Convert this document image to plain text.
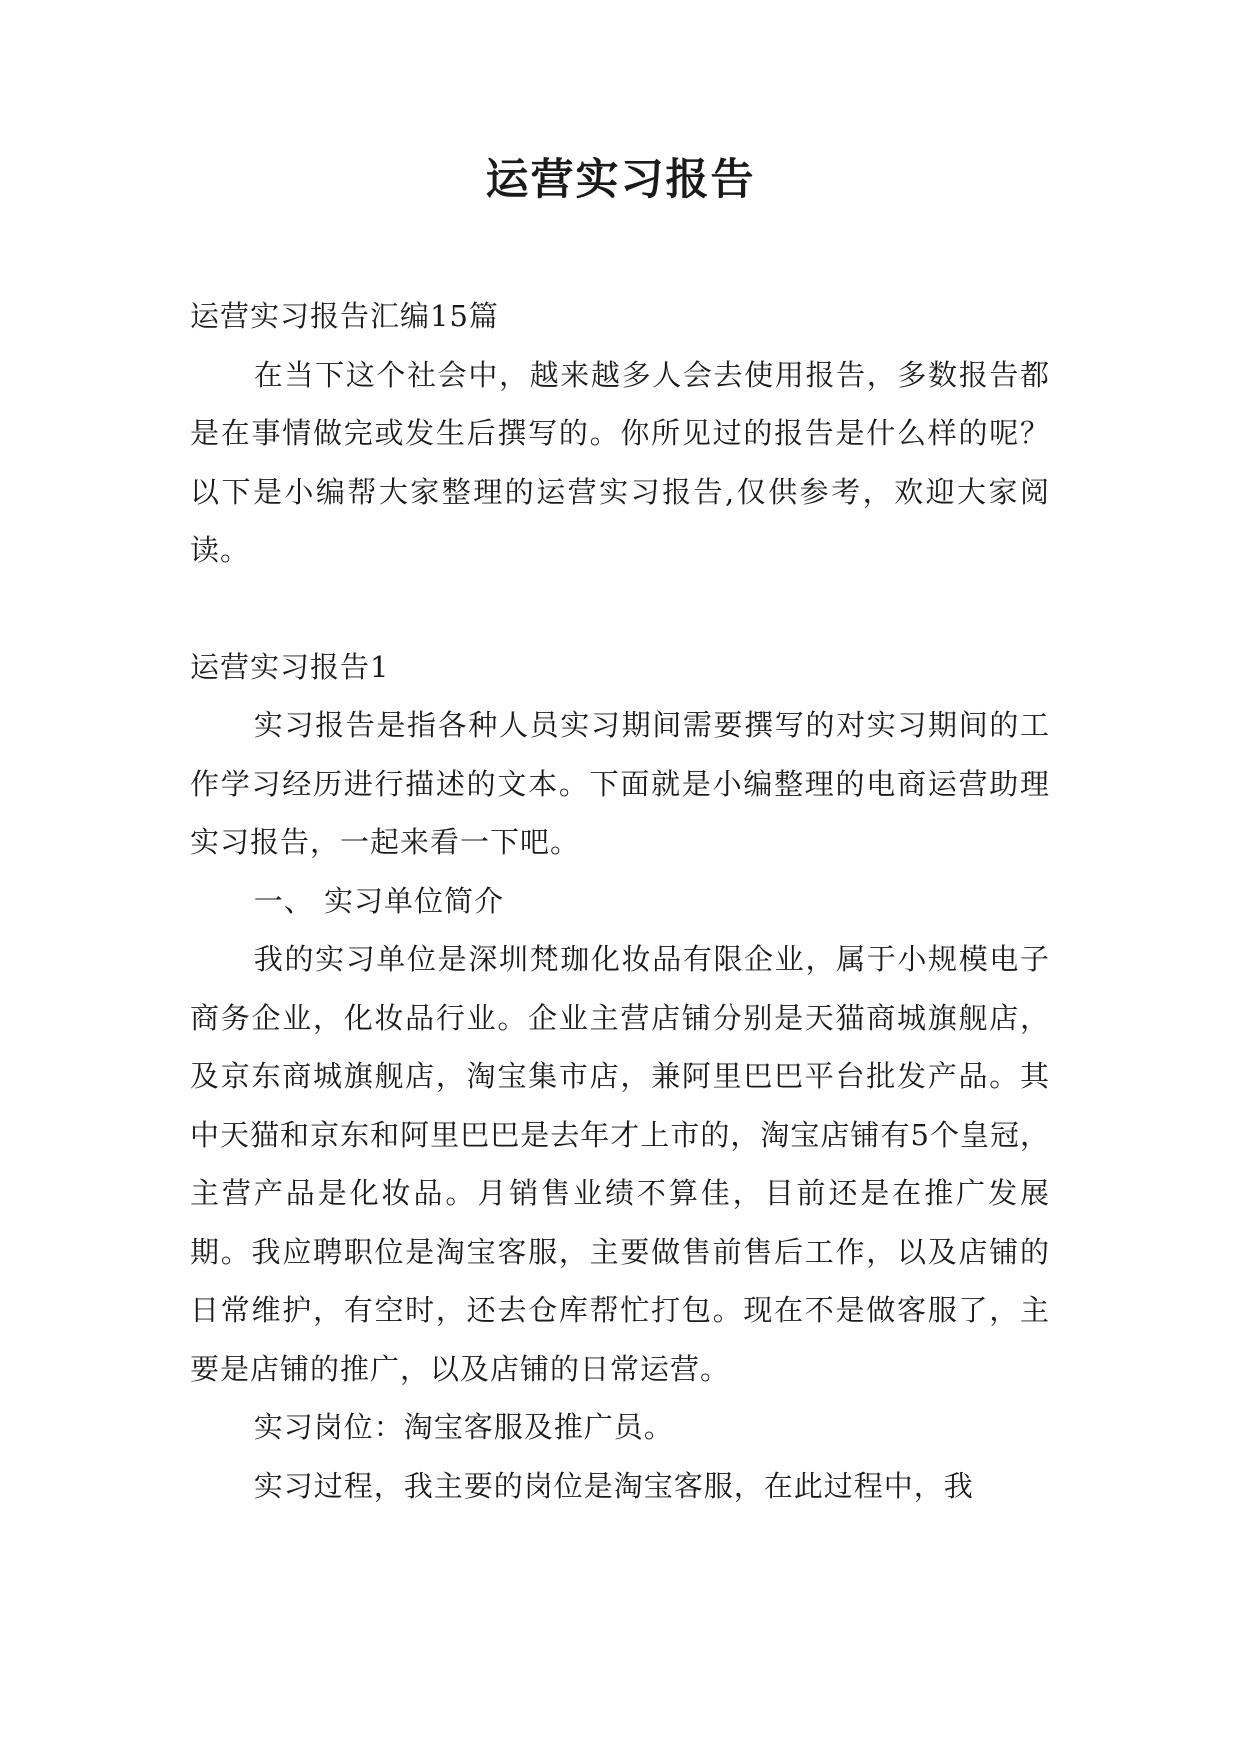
运营实习报告

运营实习报告汇编15篇

在当下这个社会中，越来越多人会去使用报告，多数报告都是在事情做完或发生后撰写的。你所见过的报告是什么样的呢？以下是小编帮大家整理的运营实习报告,仅供参考，欢迎大家阅读。

运营实习报告1

实习报告是指各种人员实习期间需要撰写的对实习期间的工作学习经历进行描述的文本。下面就是小编整理的电商运营助理实习报告，一起来看一下吧。

一、 实习单位简介

我的实习单位是深圳梵珈化妆品有限企业，属于小规模电子商务企业，化妆品行业。企业主营店铺分别是天猫商城旗舰店，及京东商城旗舰店，淘宝集市店，兼阿里巴巴平台批发产品。其中天猫和京东和阿里巴巴是去年才上市的，淘宝店铺有5个皇冠，主营产品是化妆品。月销售业绩不算佳，目前还是在推广发展期。我应聘职位是淘宝客服，主要做售前售后工作，以及店铺的日常维护，有空时，还去仓库帮忙打包。现在不是做客服了，主要是店铺的推广，以及店铺的日常运营。

实习岗位：淘宝客服及推广员。

实习过程，我主要的岗位是淘宝客服，在此过程中，我
